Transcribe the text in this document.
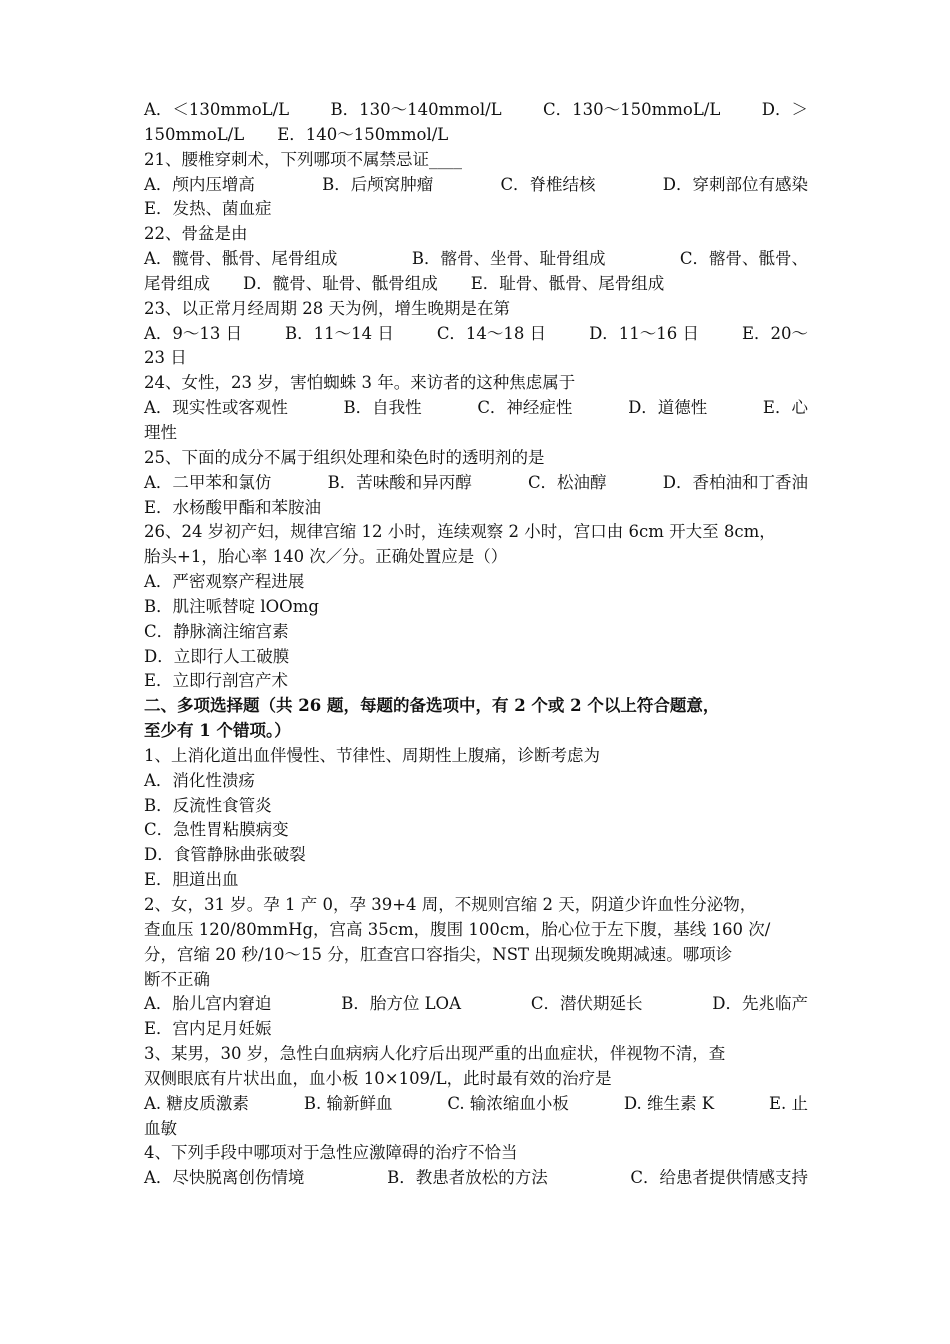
A．＜130mmoL/L	B．130～140mmol/L	C．130～150mmoL/L	D．＞
150mmoL/L　　E．140～150mmol/L
21、腰椎穿刺术，下列哪项不属禁忌证____
A．颅内压增高	B．后颅窝肿瘤	C．脊椎结核	D．穿刺部位有感染
E．发热、菌血症
22、骨盆是由
A．髋骨、骶骨、尾骨组成	B．髂骨、坐骨、耻骨组成	C．髂骨、骶骨、
尾骨组成　　D．髋骨、耻骨、骶骨组成　　E．耻骨、骶骨、尾骨组成
23、以正常月经周期 28 天为例，增生晚期是在第
A．9～13 日	B．11～14 日	C．14～18 日	D．11～16 日	E．20～
23 日
24、女性，23 岁，害怕蜘蛛 3 年。来访者的这种焦虑属于
A．现实性或客观性	B．自我性	C．神经症性	D．道德性	E．心
理性
25、下面的成分不属于组织处理和染色时的透明剂的是
A．二甲苯和氯仿	B．苦味酸和异丙醇	C．松油醇	D．香柏油和丁香油
E．水杨酸甲酯和苯胺油
26、24 岁初产妇，规律宫缩 12 小时，连续观察 2 小时，宫口由 6cm 开大至 8cm，
胎头+1，胎心率 140 次／分。正确处置应是（）
A．严密观察产程进展
B．肌注哌替啶 lOOmg
C．静脉滴注缩宫素
D．立即行人工破膜
E．立即行剖宫产术
二、多项选择题（共 26 题，每题的备选项中，有 2 个或 2 个以上符合题意，
至少有 1 个错项。）
1、上消化道出血伴慢性、节律性、周期性上腹痛，诊断考虑为
A．消化性溃疡
B．反流性食管炎
C．急性胃粘膜病变
D．食管静脉曲张破裂
E．胆道出血
2、女，31 岁。孕 1 产 0，孕 39+4 周，不规则宫缩 2 天，阴道少许血性分泌物，
查血压 120/80mmHg，宫高 35cm，腹围 100cm，胎心位于左下腹，基线 160 次/
分，宫缩 20 秒/10～15 分，肛查宫口容指尖，NST 出现频发晚期减速。哪项诊
断不正确
A．胎儿宫内窘迫	B．胎方位 LOA	C．潜伏期延长	D．先兆临产
E．宫内足月妊娠
3、某男，30 岁，急性白血病病人化疗后出现严重的出血症状，伴视物不清，查
双侧眼底有片状出血，血小板 10×109/L，此时最有效的治疗是
A. 糖皮质激素	B. 输新鲜血	C. 输浓缩血小板	D. 维生素 K	E. 止
血敏
4、下列手段中哪项对于急性应激障碍的治疗不恰当
A．尽快脱离创伤情境	B．教患者放松的方法	C．给患者提供情感支持
